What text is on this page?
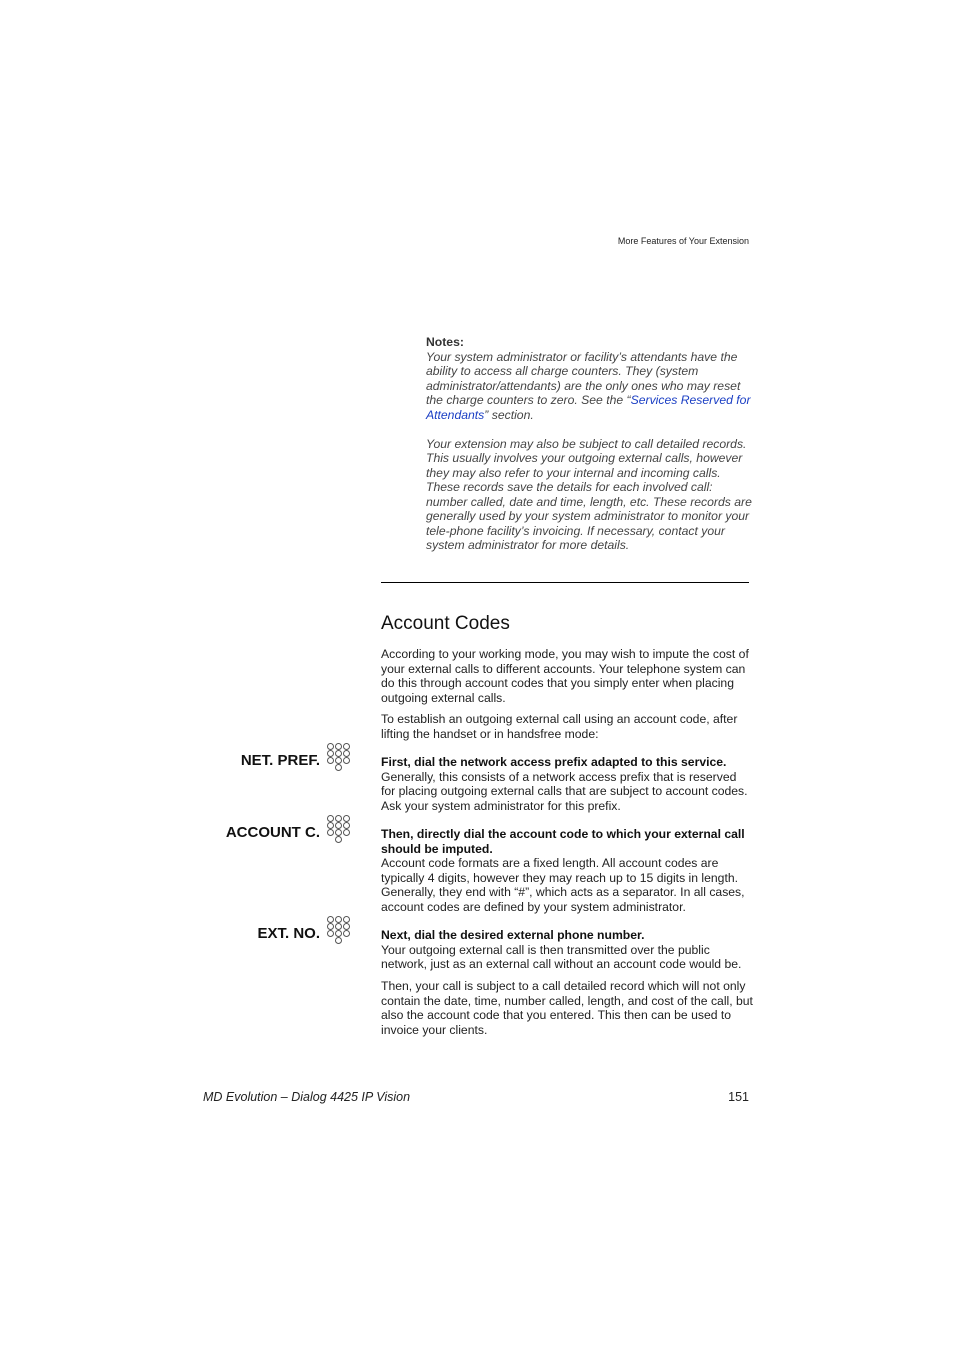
More Features of Your Extension
Notes:

Your system administrator or facility’s attendants have the ability to access all charge counters. They (system administrator/attendants) are the only ones who may reset the charge counters to zero. See the “Services Reserved for Attendants” section.

Your extension may also be subject to call detailed records. This usually involves your outgoing external calls, however they may also refer to your internal and incoming calls. These records save the details for each involved call: number called, date and time, length, etc. These records are generally used by your system administrator to monitor your tele-phone facility’s invoicing. If necessary, contact your system administrator for more details.

Account Codes

According to your working mode, you may wish to impute the cost of your external calls to different accounts. Your telephone system can do this through account codes that you simply enter when placing outgoing external calls.

To establish an outgoing external call using an account code, after lifting the handset or in handsfree mode:

NET. PREF.	First, dial the network access prefix adapted to this service.

Generally, this consists of a network access prefix that is reserved for placing outgoing external calls that are subject to account codes. Ask your system administrator for this prefix.

ACCOUNT C.	Then, directly dial the account code to which your external call should be imputed.

Account code formats are a fixed length. All account codes are typically 4 digits, however they may reach up to 15 digits in length. Generally, they end with “#”, which acts as a separator. In all cases, account codes are defined by your system administrator.

EXT. NO.	Next, dial the desired external phone number.

Your outgoing external call is then transmitted over the public network, just as an external call without an account code would be.

Then, your call is subject to a call detailed record which will not only contain the date, time, number called, length, and cost of the call, but also the account code that you entered. This then can be used to invoice your clients.

MD Evolution – Dialog 4425 IP Vision	151
